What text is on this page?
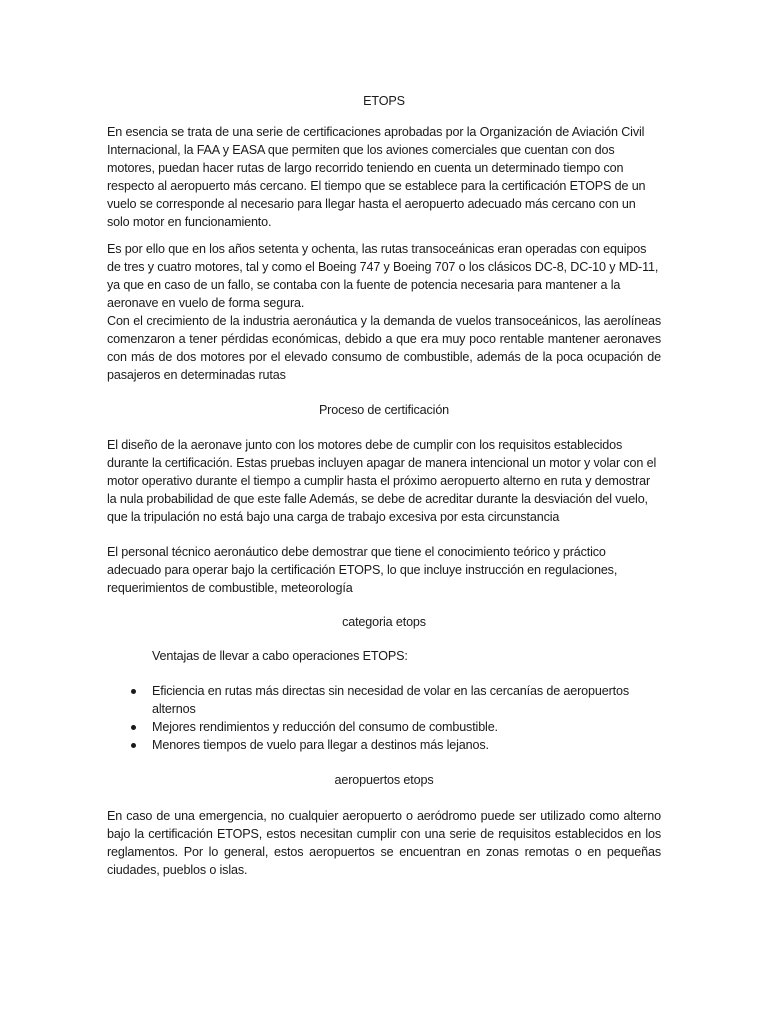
ETOPS

En esencia se trata de una serie de certificaciones aprobadas por la Organización de Aviación Civil Internacional, la FAA y EASA que permiten que los aviones comerciales que cuentan con dos motores, puedan hacer rutas de largo recorrido teniendo en cuenta un determinado tiempo con respecto al aeropuerto más cercano. El tiempo que se establece para la certificación ETOPS de un vuelo se corresponde al necesario para llegar hasta el aeropuerto adecuado más cercano con un solo motor en funcionamiento.

Es por ello que en los años setenta y ochenta, las rutas transoceánicas eran operadas con equipos de tres y cuatro motores, tal y como el Boeing 747 y Boeing 707 o los clásicos DC-8, DC-10 y MD-11, ya que en caso de un fallo, se contaba con la fuente de potencia necesaria para mantener a la aeronave en vuelo de forma segura.

Con el crecimiento de la industria aeronáutica y la demanda de vuelos transoceánicos, las aerolíneas comenzaron a tener pérdidas económicas, debido a que era muy poco rentable mantener aeronaves con más de dos motores por el elevado consumo de combustible, además de la poca ocupación de pasajeros en determinadas rutas

Proceso de certificación

El diseño de la aeronave junto con los motores debe de cumplir con los requisitos establecidos durante la certificación. Estas pruebas incluyen apagar de manera intencional un motor y volar con el motor operativo durante el tiempo a cumplir hasta el próximo aeropuerto alterno en ruta y demostrar la nula probabilidad de que este falle Además, se debe de acreditar durante la desviación del vuelo, que la tripulación no está bajo una carga de trabajo excesiva por esta circunstancia

El personal técnico aeronáutico debe demostrar que tiene el conocimiento teórico y práctico adecuado para operar bajo la certificación ETOPS, lo que incluye instrucción en regulaciones, requerimientos de combustible, meteorología

categoria etops

Ventajas de llevar a cabo operaciones ETOPS:

Eficiencia en rutas más directas sin necesidad de volar en las cercanías de aeropuertos alternos
Mejores rendimientos y reducción del consumo de combustible.
Menores tiempos de vuelo para llegar a destinos más lejanos.

aeropuertos etops

En caso de una emergencia, no cualquier aeropuerto o aeródromo puede ser utilizado como alterno bajo la certificación ETOPS, estos necesitan cumplir con una serie de requisitos establecidos en los reglamentos. Por lo general, estos aeropuertos se encuentran en zonas remotas o en pequeñas ciudades, pueblos o islas.
